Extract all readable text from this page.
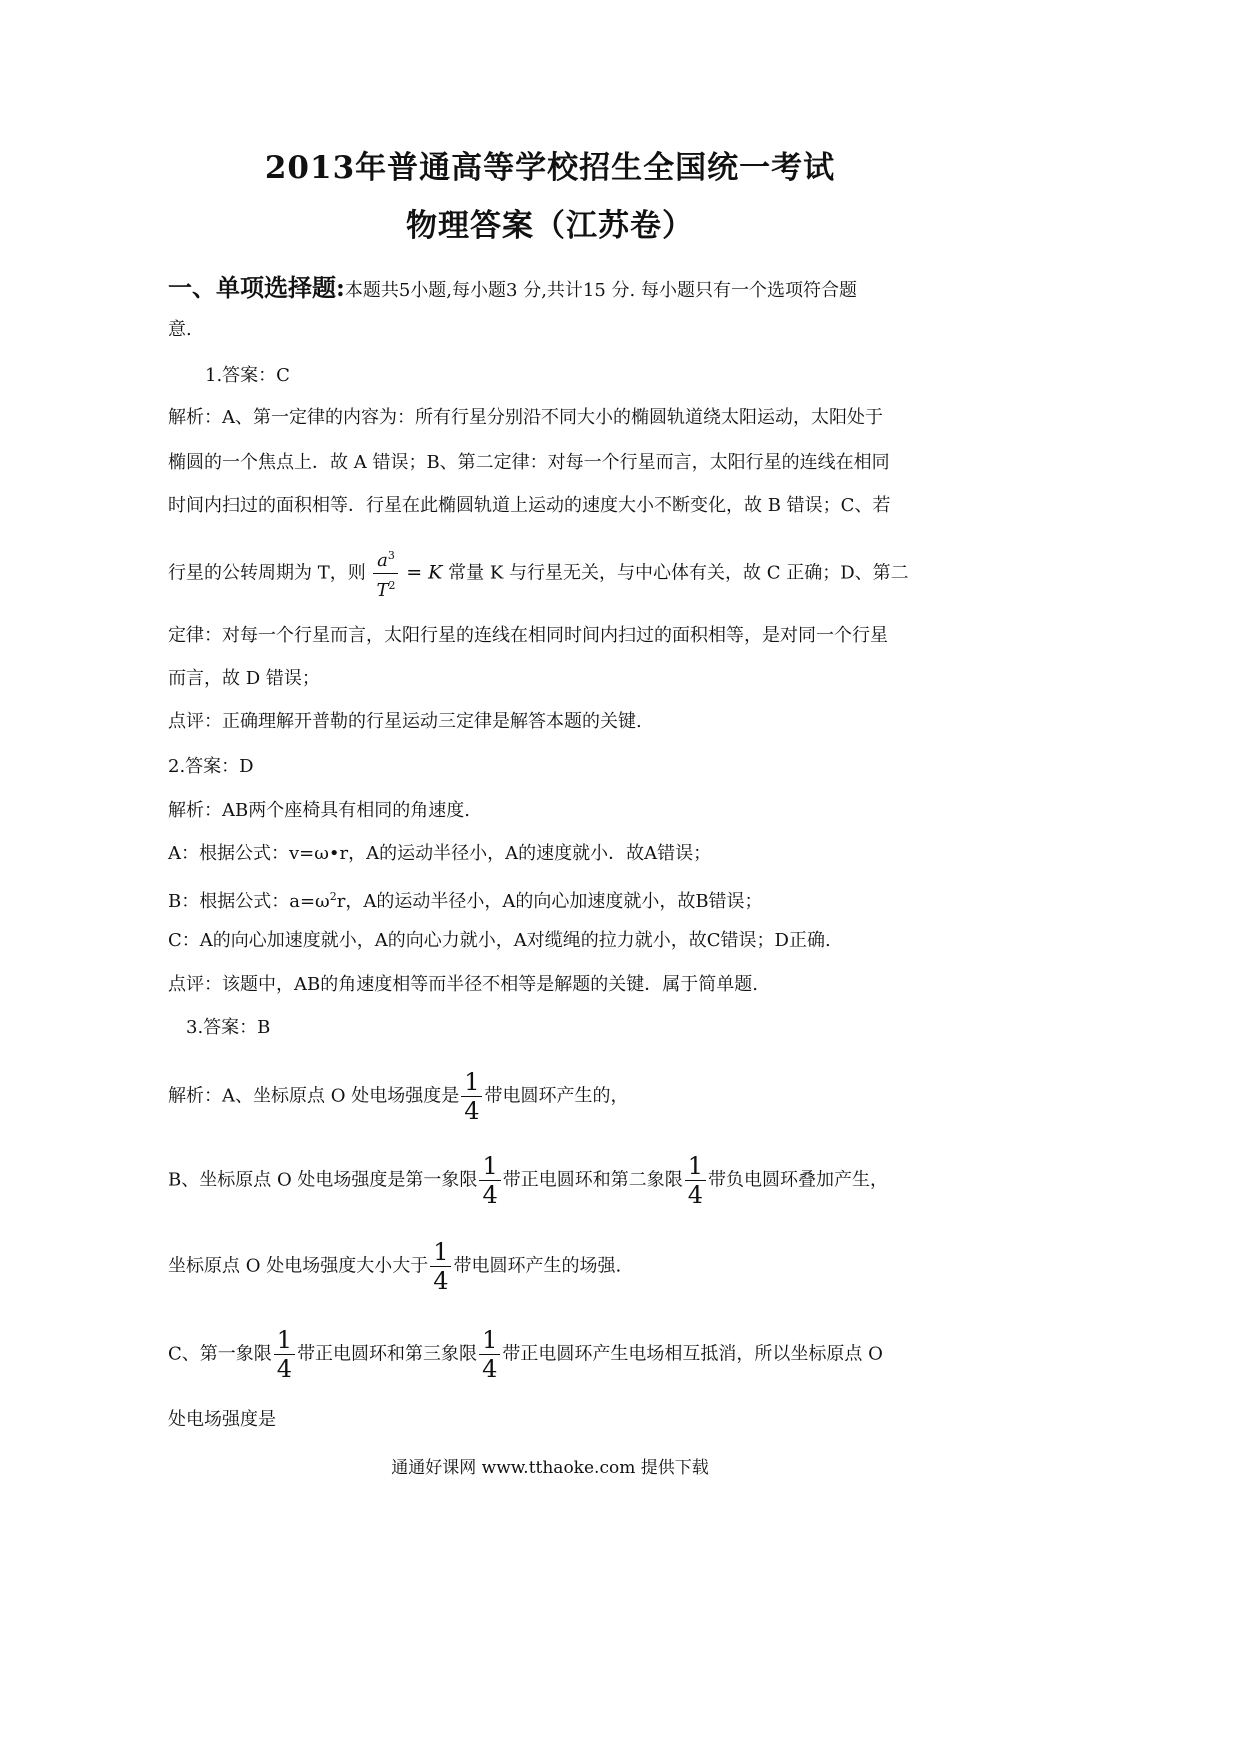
2013年普通高等学校招生全国统一考试
物理答案（江苏卷）
一、单项选择题:本题共5小题,每小题3 分,共计15 分. 每小题只有一个选项符合题
意.
1.答案：C
解析：A、第一定律的内容为：所有行星分别沿不同大小的椭圆轨道绕太阳运动，太阳处于
椭圆的一个焦点上．故 A 错误；B、第二定律：对每一个行星而言，太阳行星的连线在相同
时间内扫过的面积相等．行星在此椭圆轨道上运动的速度大小不断变化，故 B 错误；C、若
行星的公转周期为 T，则 $\frac{a^3}{T^2} = K$ 常量 K 与行星无关，与中心体有关，故 C 正确；D、第二
定律：对每一个行星而言，太阳行星的连线在相同时间内扫过的面积相等，是对同一个行星
而言，故 D 错误；
点评：正确理解开普勒的行星运动三定律是解答本题的关键.
2.答案：D
解析：AB两个座椅具有相同的角速度.
A：根据公式：v=ω•r，A的运动半径小，A的速度就小．故A错误；
B：根据公式：$a=\omega^2r$，A的运动半径小，A的向心加速度就小，故B错误；
C：A的向心加速度就小，A的向心力就小，A对缆绳的拉力就小，故C错误；D正确.
点评：该题中，AB的角速度相等而半径不相等是解题的关键．属于简单题.
3.答案：B
解析：A、坐标原点 O 处电场强度是 $\frac{1}{4}$ 带电圆环产生的，
B、坐标原点 O 处电场强度是第一象限 $\frac{1}{4}$ 带正电圆环和第二象限 $\frac{1}{4}$ 带负电圆环叠加产生，
坐标原点 O 处电场强度大小大于 $\frac{1}{4}$ 带电圆环产生的场强.
C、第一象限 $\frac{1}{4}$ 带正电圆环和第三象限 $\frac{1}{4}$ 带正电圆环产生电场相互抵消，所以坐标原点 O
处电场强度是
通通好课网 www.tthaoke.com 提供下载
